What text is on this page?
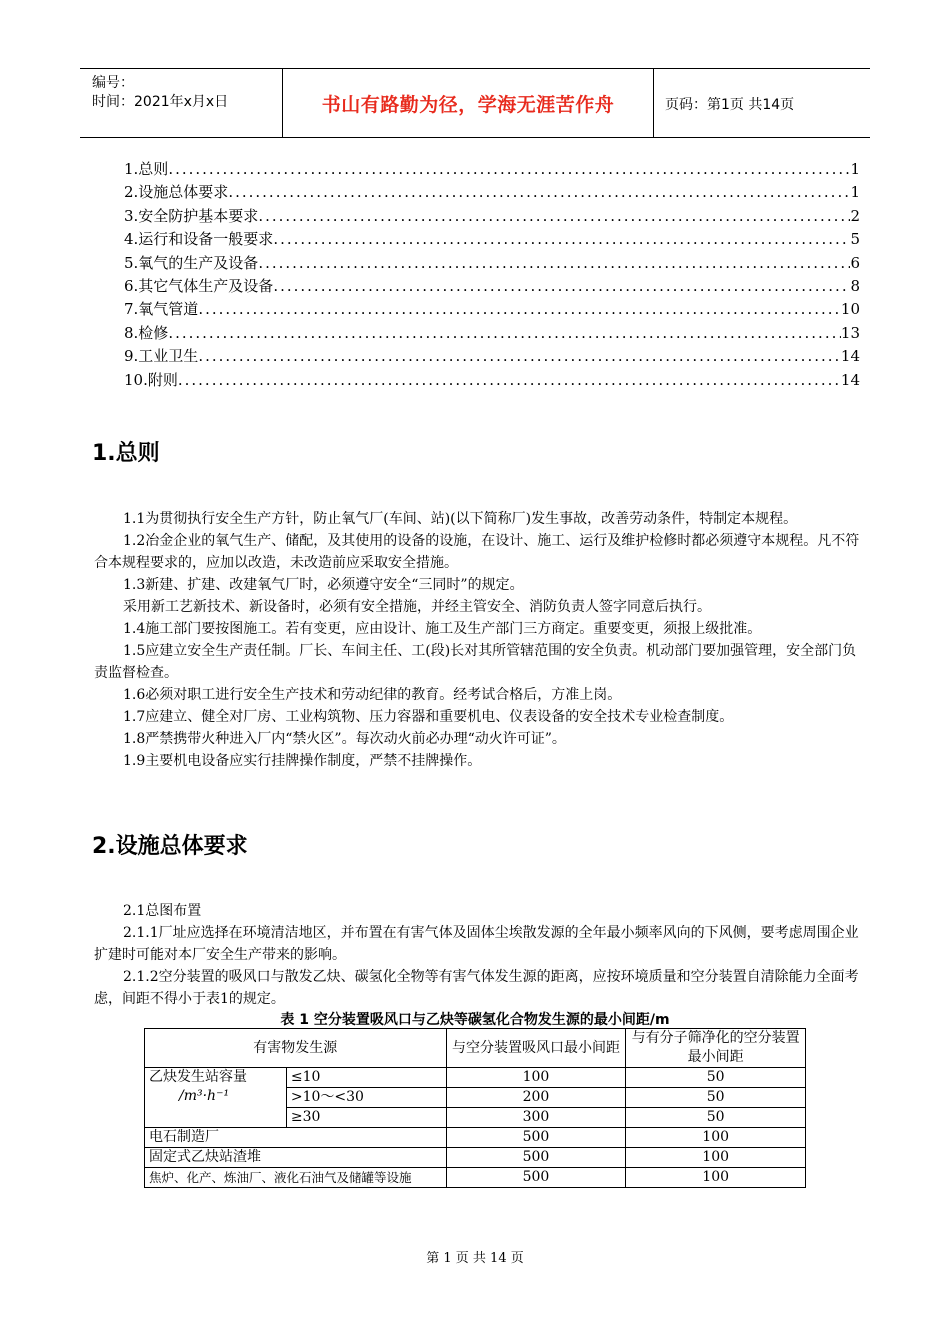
编号：
时间：2021年x月x日	书山有路勤为径，学海无涯苦作舟	页码：第1页 共14页
1.总则 .....	1
2.设施总体要求 .....	1
3.安全防护基本要求 .....	2
4.运行和设备一般要求 .....	5
5.氧气的生产及设备 .....	6
6.其它气体生产及设备 .....	8
7.氧气管道 .....	10
8.检修 .....	13
9.工业卫生 .....	14
10.附则 .....	14
1.总则

1.1为贯彻执行安全生产方针，防止氧气厂(车间、站)(以下简称厂)发生事故，改善劳动条件，特制定本规程。

1.2冶金企业的氧气生产、储配，及其使用的设备的设施，在设计、施工、运行及维护检修时都必须遵守本规程。凡不符合本规程要求的，应加以改造，未改造前应采取安全措施。

1.3新建、扩建、改建氧气厂时，必须遵守安全“三同时”的规定。

采用新工艺新技术、新设备时，必须有安全措施，并经主管安全、消防负责人签字同意后执行。

1.4施工部门要按图施工。若有变更，应由设计、施工及生产部门三方商定。重要变更，须报上级批准。

1.5应建立安全生产责任制。厂长、车间主任、工(段)长对其所管辖范围的安全负责。机动部门要加强管理，安全部门负责监督检查。

1.6必须对职工进行安全生产技术和劳动纪律的教育。经考试合格后，方准上岗。

1.7应建立、健全对厂房、工业构筑物、压力容器和重要机电、仪表设备的安全技术专业检查制度。

1.8严禁携带火种进入厂内“禁火区”。每次动火前必办理“动火许可证”。

1.9主要机电设备应实行挂牌操作制度，严禁不挂牌操作。

2.设施总体要求

2.1总图布置

2.1.1厂址应选择在环境清洁地区，并布置在有害气体及固体尘埃散发源的全年最小频率风向的下风侧，要考虑周围企业扩建时可能对本厂安全生产带来的影响。

2.1.2空分装置的吸风口与散发乙炔、碳氢化全物等有害气体发生源的距离，应按环境质量和空分装置自清除能力全面考虑，间距不得小于表1的规定。

表 1 空分装置吸风口与乙炔等碳氢化合物发生源的最小间距/m
有害物发生源		与空分装置吸风口最小间距	与有分子筛净化的空分装置最小间距

乙炔发生站容量
/m³·h⁻¹	≤10	100	50
	>10～<30	200	50
	≥30	300	50
电石制造厂		500	100
固定式乙炔站渣堆		500	100
焦炉、化产、炼油厂、液化石油气及储罐等设施		500	100
第 1 页 共 14 页
